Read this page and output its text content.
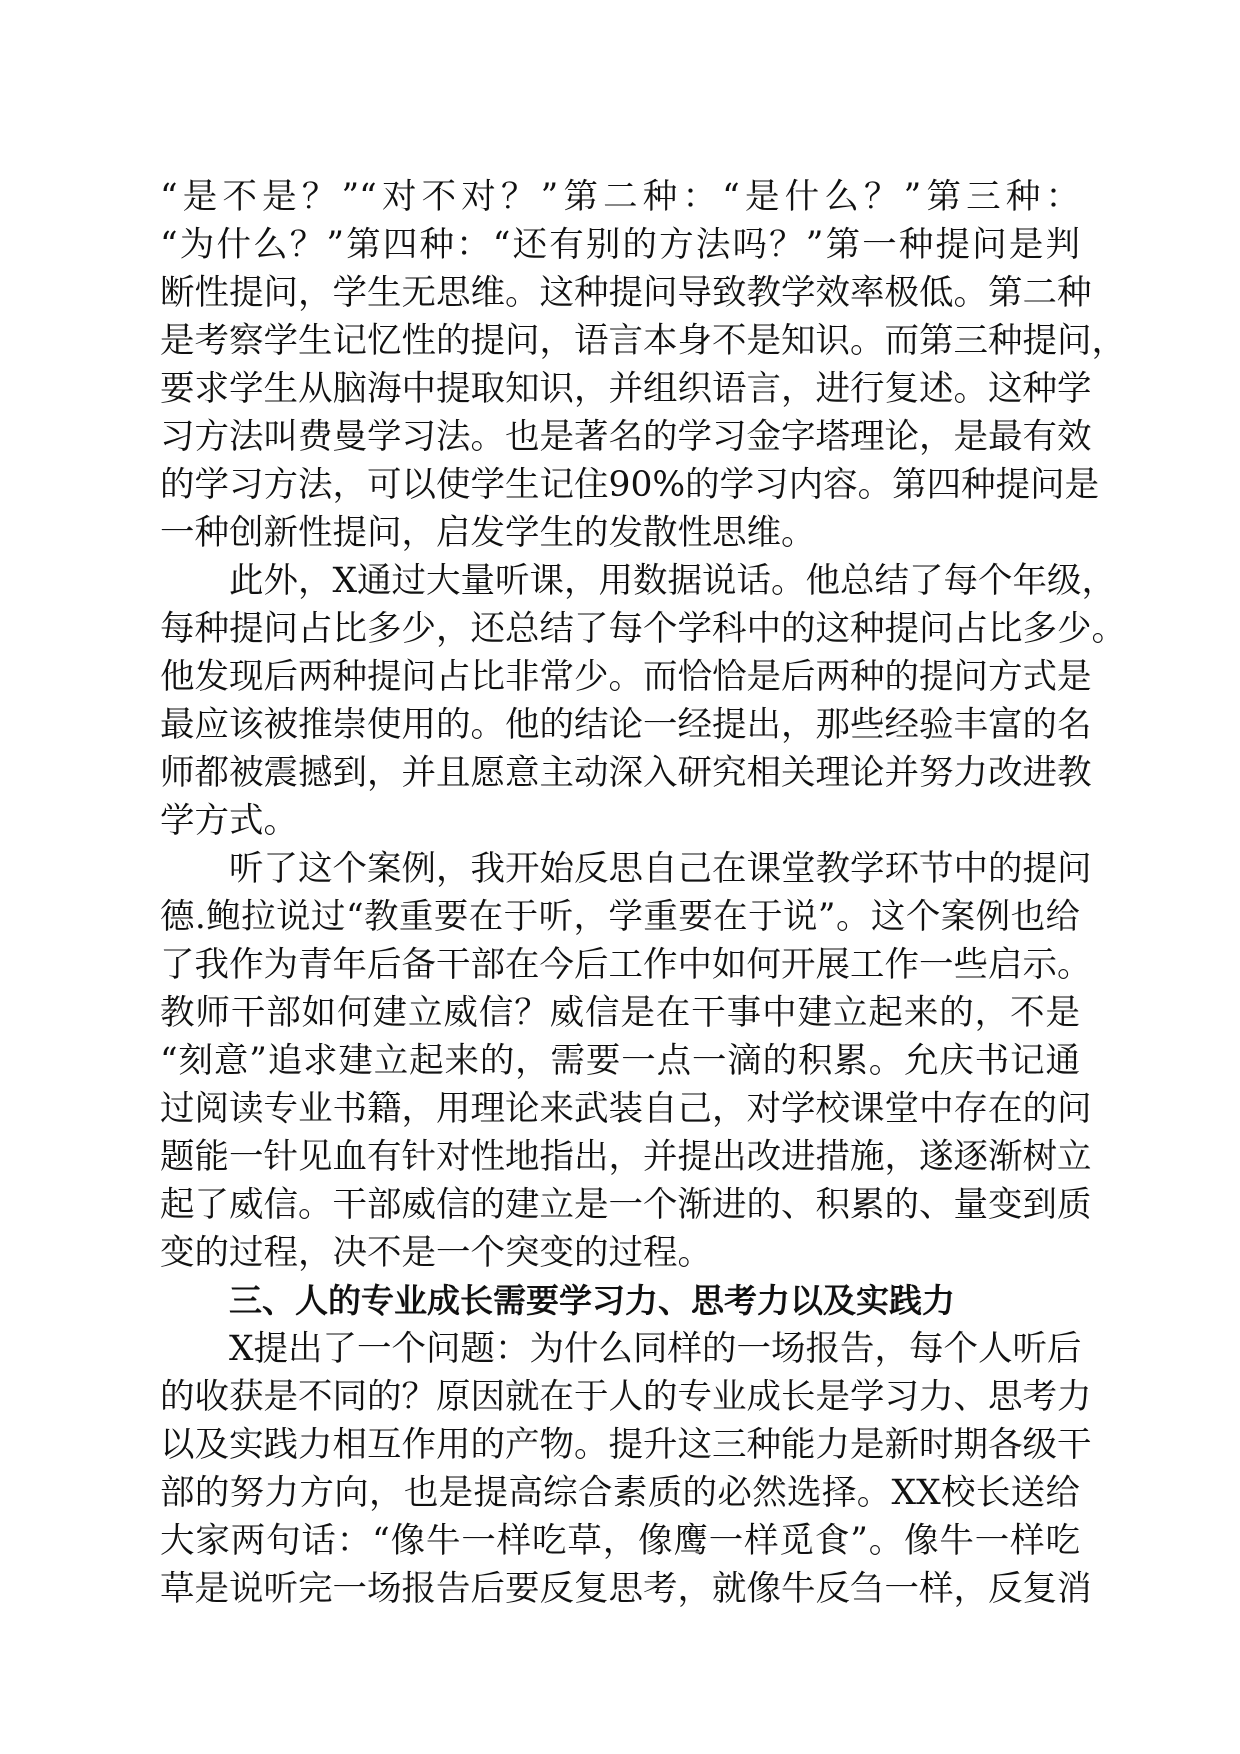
“是不是？”“对不对？”第二种：“是什么？”第三种：
“为什么？”第四种：“还有别的方法吗？”第一种提问是判
断性提问，学生无思维。这种提问导致教学效率极低。第二种
是考察学生记忆性的提问，语言本身不是知识。而第三种提问，
要求学生从脑海中提取知识，并组织语言，进行复述。这种学
习方法叫费曼学习法。也是著名的学习金字塔理论，是最有效
的学习方法，可以使学生记住90%的学习内容。第四种提问是
一种创新性提问，启发学生的发散性思维。
此外，X通过大量听课，用数据说话。他总结了每个年级，
每种提问占比多少，还总结了每个学科中的这种提问占比多少。
他发现后两种提问占比非常少。而恰恰是后两种的提问方式是
最应该被推崇使用的。他的结论一经提出，那些经验丰富的名
师都被震撼到，并且愿意主动深入研究相关理论并努力改进教
学方式。
听了这个案例，我开始反思自己在课堂教学环节中的提问
德.鲍拉说过“教重要在于听，学重要在于说”。这个案例也给
了我作为青年后备干部在今后工作中如何开展工作一些启示。
教师干部如何建立威信？威信是在干事中建立起来的，不是
“刻意”追求建立起来的，需要一点一滴的积累。允庆书记通
过阅读专业书籍，用理论来武装自己，对学校课堂中存在的问
题能一针见血有针对性地指出，并提出改进措施，遂逐渐树立
起了威信。干部威信的建立是一个渐进的、积累的、量变到质
变的过程，决不是一个突变的过程。
三、人的专业成长需要学习力、思考力以及实践力
X提出了一个问题：为什么同样的一场报告，每个人听后
的收获是不同的？原因就在于人的专业成长是学习力、思考力
以及实践力相互作用的产物。提升这三种能力是新时期各级干
部的努力方向，也是提高综合素质的必然选择。XX校长送给
大家两句话：“像牛一样吃草，像鹰一样觅食”。像牛一样吃
草是说听完一场报告后要反复思考，就像牛反刍一样，反复消
